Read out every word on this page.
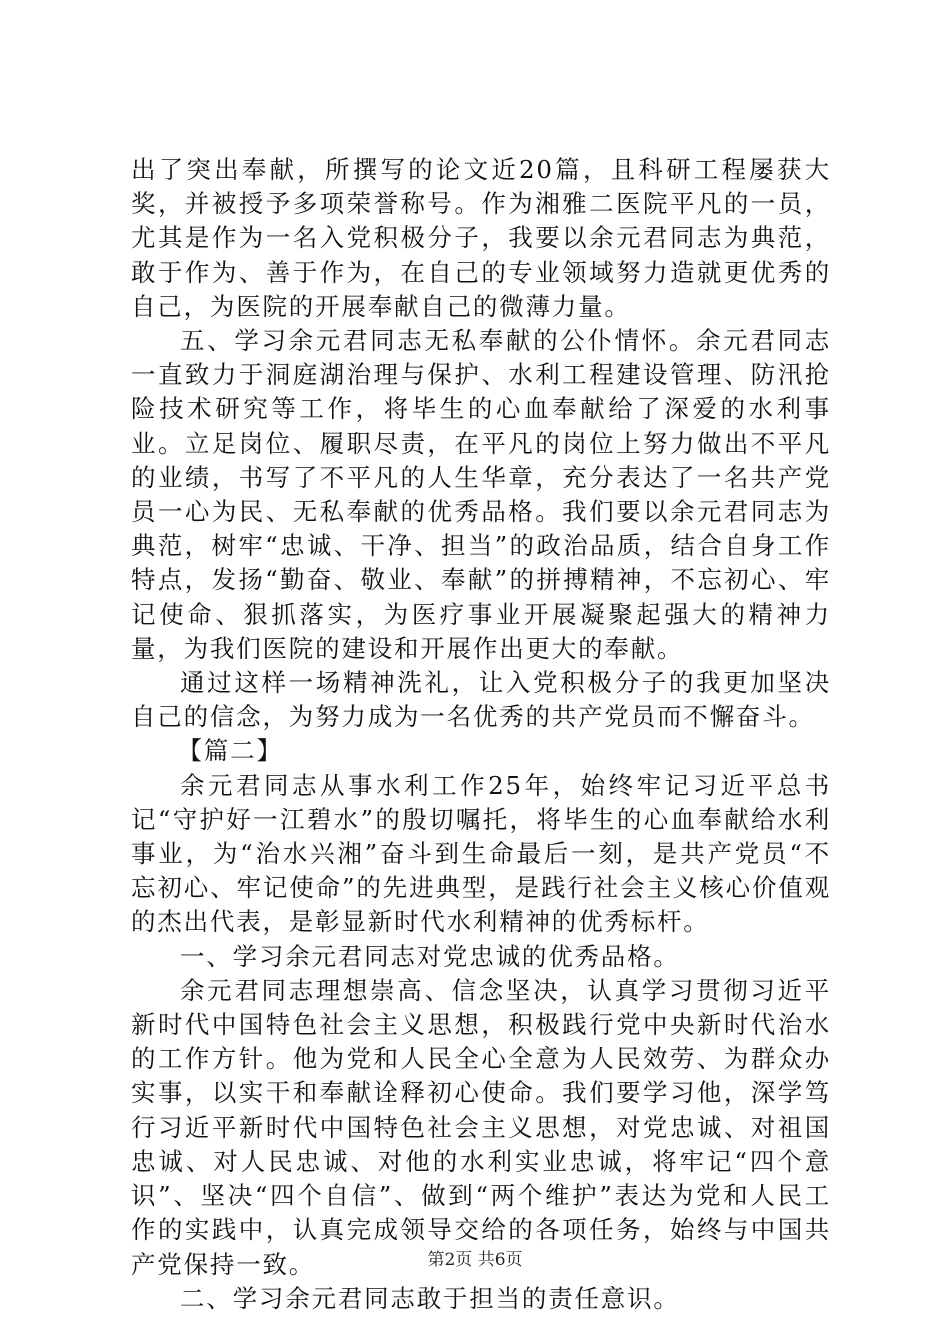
出了突出奉献，所撰写的论文近20篇，且科研工程屡获大奖，并被授予多项荣誉称号。作为湘雅二医院平凡的一员，尤其是作为一名入党积极分子，我要以余元君同志为典范，敢于作为、善于作为，在自己的专业领域努力造就更优秀的自己，为医院的开展奉献自己的微薄力量。

五、学习余元君同志无私奉献的公仆情怀。余元君同志一直致力于洞庭湖治理与保护、水利工程建设管理、防汛抢险技术研究等工作，将毕生的心血奉献给了深爱的水利事业。立足岗位、履职尽责，在平凡的岗位上努力做出不平凡的业绩，书写了不平凡的人生华章，充分表达了一名共产党员一心为民、无私奉献的优秀品格。我们要以余元君同志为典范，树牢“忠诚、干净、担当”的政治品质，结合自身工作特点，发扬“勤奋、敬业、奉献”的拼搏精神，不忘初心、牢记使命、狠抓落实，为医疗事业开展凝聚起强大的精神力量，为我们医院的建设和开展作出更大的奉献。

通过这样一场精神洗礼，让入党积极分子的我更加坚决自己的信念，为努力成为一名优秀的共产党员而不懈奋斗。

【篇二】

余元君同志从事水利工作25年，始终牢记习近平总书记“守护好一江碧水”的殷切嘱托，将毕生的心血奉献给水利事业，为“治水兴湘”奋斗到生命最后一刻，是共产党员“不忘初心、牢记使命”的先进典型，是践行社会主义核心价值观的杰出代表，是彰显新时代水利精神的优秀标杆。

一、学习余元君同志对党忠诚的优秀品格。

余元君同志理想崇高、信念坚决，认真学习贯彻习近平新时代中国特色社会主义思想，积极践行党中央新时代治水的工作方针。他为党和人民全心全意为人民效劳、为群众办实事，以实干和奉献诠释初心使命。我们要学习他，深学笃行习近平新时代中国特色社会主义思想，对党忠诚、对祖国忠诚、对人民忠诚、对他的水利实业忠诚，将牢记“四个意识”、坚决“四个自信”、做到“两个维护”表达为党和人民工作的实践中，认真完成领导交给的各项任务，始终与中国共产党保持一致。

二、学习余元君同志敢于担当的责任意识。

第2页 共6页
